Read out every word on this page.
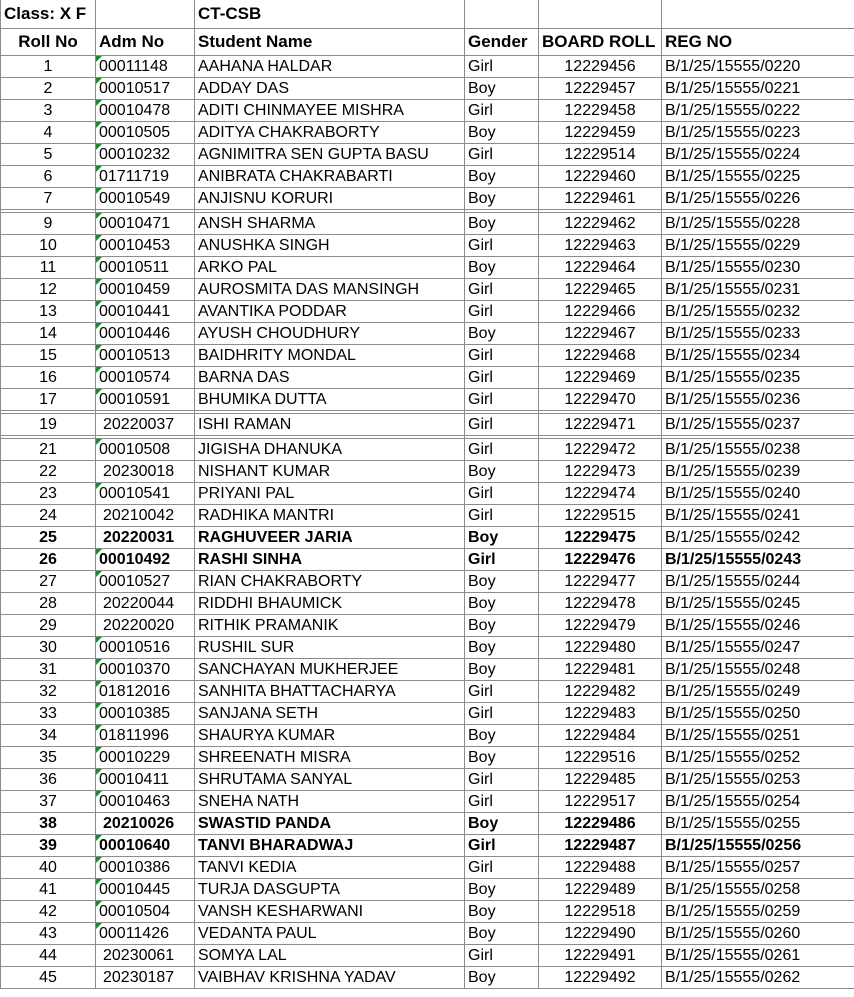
Class: X F		CT-CSB			
Roll No	Adm No	Student Name	Gender	BOARD ROLL	REG NO
1	00011148	AAHANA HALDAR	Girl	12229456	B/1/25/15555/0220
2	00010517	ADDAY DAS	Boy	12229457	B/1/25/15555/0221
3	00010478	ADITI CHINMAYEE MISHRA	Girl	12229458	B/1/25/15555/0222
4	00010505	ADITYA CHAKRABORTY	Boy	12229459	B/1/25/15555/0223
5	00010232	AGNIMITRA SEN GUPTA BASU	Girl	12229514	B/1/25/15555/0224
6	01711719	ANIBRATA CHAKRABARTI	Boy	12229460	B/1/25/15555/0225
7	00010549	ANJISNU KORURI	Boy	12229461	B/1/25/15555/0226

9	00010471	ANSH SHARMA	Boy	12229462	B/1/25/15555/0228
10	00010453	ANUSHKA SINGH	Girl	12229463	B/1/25/15555/0229
11	00010511	ARKO PAL	Boy	12229464	B/1/25/15555/0230
12	00010459	AUROSMITA DAS MANSINGH	Girl	12229465	B/1/25/15555/0231
13	00010441	AVANTIKA PODDAR	Girl	12229466	B/1/25/15555/0232
14	00010446	AYUSH CHOUDHURY	Boy	12229467	B/1/25/15555/0233
15	00010513	BAIDHRITY MONDAL	Girl	12229468	B/1/25/15555/0234
16	00010574	BARNA DAS	Girl	12229469	B/1/25/15555/0235
17	00010591	BHUMIKA DUTTA	Girl	12229470	B/1/25/15555/0236

19	20220037	ISHI RAMAN	Girl	12229471	B/1/25/15555/0237

21	00010508	JIGISHA DHANUKA	Girl	12229472	B/1/25/15555/0238
22	20230018	NISHANT KUMAR	Boy	12229473	B/1/25/15555/0239
23	00010541	PRIYANI PAL	Girl	12229474	B/1/25/15555/0240
24	20210042	RADHIKA MANTRI	Girl	12229515	B/1/25/15555/0241
25	20220031	RAGHUVEER JARIA	Boy	12229475	B/1/25/15555/0242
26	00010492	RASHI SINHA	Girl	12229476	B/1/25/15555/0243
27	00010527	RIAN CHAKRABORTY	Boy	12229477	B/1/25/15555/0244
28	20220044	RIDDHI BHAUMICK	Boy	12229478	B/1/25/15555/0245
29	20220020	RITHIK PRAMANIK	Boy	12229479	B/1/25/15555/0246
30	00010516	RUSHIL SUR	Boy	12229480	B/1/25/15555/0247
31	00010370	SANCHAYAN MUKHERJEE	Boy	12229481	B/1/25/15555/0248
32	01812016	SANHITA BHATTACHARYA	Girl	12229482	B/1/25/15555/0249
33	00010385	SANJANA SETH	Girl	12229483	B/1/25/15555/0250
34	01811996	SHAURYA KUMAR	Boy	12229484	B/1/25/15555/0251
35	00010229	SHREENATH MISRA	Boy	12229516	B/1/25/15555/0252
36	00010411	SHRUTAMA SANYAL	Girl	12229485	B/1/25/15555/0253
37	00010463	SNEHA NATH	Girl	12229517	B/1/25/15555/0254
38	20210026	SWASTID PANDA	Boy	12229486	B/1/25/15555/0255
39	00010640	TANVI BHARADWAJ	Girl	12229487	B/1/25/15555/0256
40	00010386	TANVI KEDIA	Girl	12229488	B/1/25/15555/0257
41	00010445	TURJA DASGUPTA	Boy	12229489	B/1/25/15555/0258
42	00010504	VANSH KESHARWANI	Boy	12229518	B/1/25/15555/0259
43	00011426	VEDANTA PAUL	Boy	12229490	B/1/25/15555/0260
44	20230061	SOMYA LAL	Girl	12229491	B/1/25/15555/0261
45	20230187	VAIBHAV KRISHNA YADAV	Boy	12229492	B/1/25/15555/0262
